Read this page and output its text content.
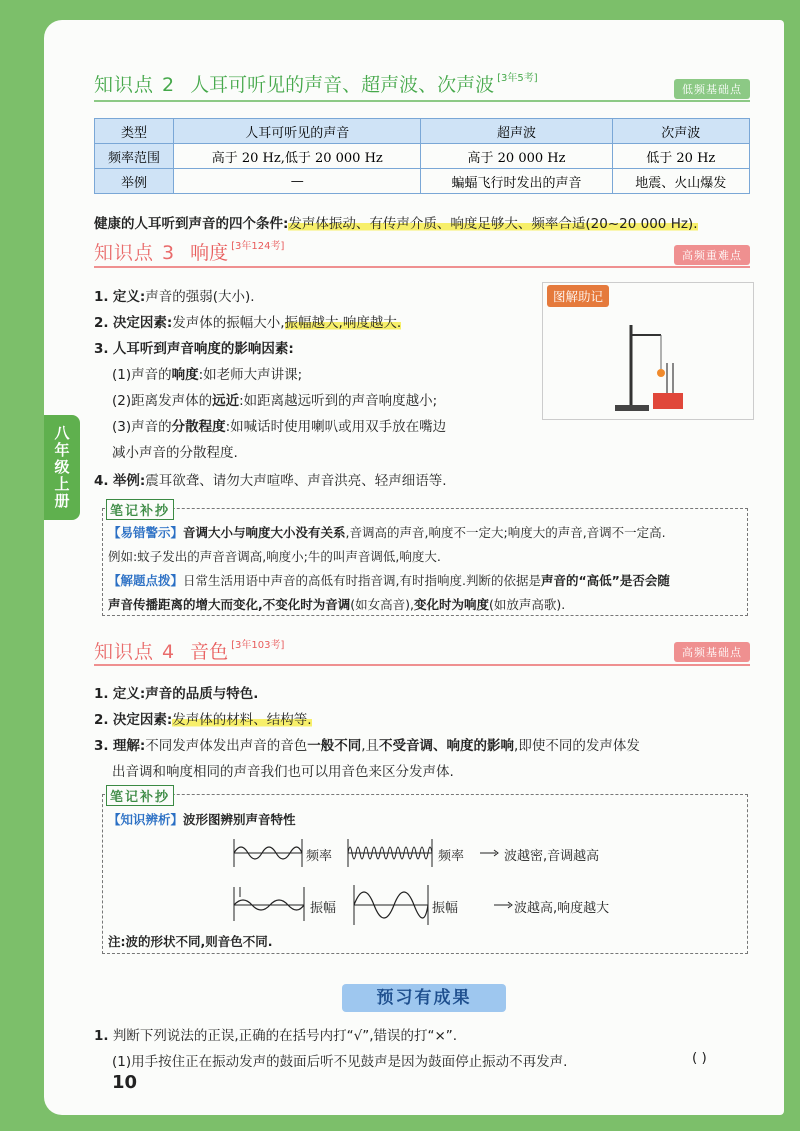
八年级上册
知识点 2 人耳可听见的声音、超声波、次声波 [3年5考]
低频基础点
类型	人耳可听见的声音	超声波	次声波
频率范围	高于 20 Hz,低于 20 000 Hz	高于 20 000 Hz	低于 20 Hz
举例	—	蝙蝠飞行时发出的声音	地震、火山爆发
健康的人耳听到声音的四个条件:发声体振动、有传声介质、响度足够大、频率合适(20~20 000 Hz).
知识点 3 响度 [3年124考]
高频重难点
1. 定义:声音的强弱(大小).
2. 决定因素:发声体的振幅大小,振幅越大,响度越大.
3. 人耳听到声音响度的影响因素:
(1)声音的响度:如老师大声讲课;
(2)距离发声体的远近:如距离越远听到的声音响度越小;
(3)声音的分散程度:如喊话时使用喇叭或用双手放在嘴边
减小声音的分散程度.
4. 举例:震耳欲聋、请勿大声喧哗、声音洪亮、轻声细语等.
图解助记
笔记补抄
【易错警示】音调大小与响度大小没有关系,音调高的声音,响度不一定大;响度大的声音,音调不一定高.
例如:蚊子发出的声音音调高,响度小;牛的叫声音调低,响度大.
【解题点拨】日常生活用语中声音的高低有时指音调,有时指响度.判断的依据是声音的“高低”是否会随
声音传播距离的增大而变化,不变化时为音调(如女高音),变化时为响度(如放声高歌).
知识点 4 音色 [3年103考]
高频基础点
1. 定义:声音的品质与特色.
2. 决定因素:发声体的材料、结构等.
3. 理解:不同发声体发出声音的音色一般不同,且不受音调、响度的影响,即使不同的发声体发
出音调和响度相同的声音我们也可以用音色来区分发声体.
笔记补抄
【知识辨析】波形图辨别声音特性
频率	频率	波越密,音调越高
振幅	振幅	波越高,响度越大
注:波的形状不同,则音色不同.
预习有成果
1. 判断下列说法的正误,正确的在括号内打“√”,错误的打“×”.
(1)用手按住正在振动发声的鼓面后听不见鼓声是因为鼓面停止振动不再发声.	( )
10
